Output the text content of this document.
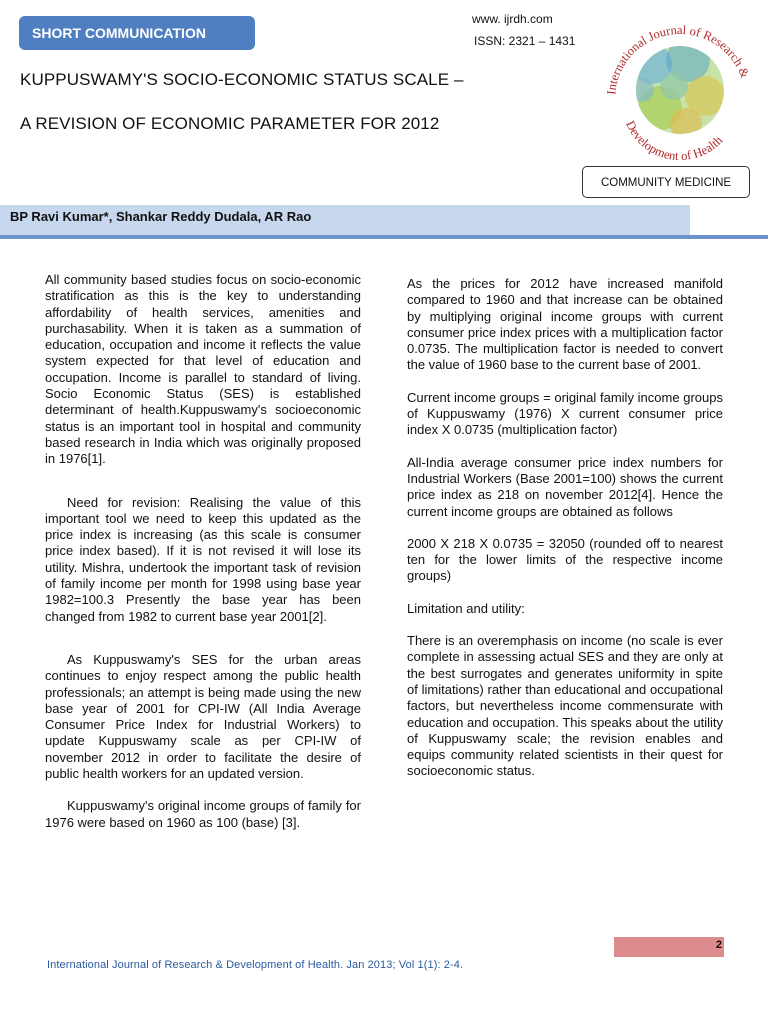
SHORT COMMUNICATION
KUPPUSWAMY'S SOCIO-ECONOMIC STATUS SCALE –
A REVISION OF ECONOMIC PARAMETER FOR 2012
www. ijrdh.com
ISSN: 2321 – 1431
International Journal of Research &
Development of Health
COMMUNITY MEDICINE
BP Ravi Kumar*, Shankar Reddy Dudala, AR Rao

All community based studies focus on socio-economic stratification as this is the key to understanding affordability of health services, amenities and purchasability. When it is taken as a summation of education, occupation and income it reflects the value system expected for that level of education and occupation. Income is parallel to standard of living. Socio Economic Status (SES) is established determinant of health.Kuppuswamy's socioeconomic status is an important tool in hospital and community based research in India which was originally proposed in 1976[1].

Need for revision: Realising the value of this important tool we need to keep this updated as the price index is increasing (as this scale is consumer price index based). If it is not revised it will lose its utility. Mishra, undertook the important task of revision of family income per month for 1998 using base year 1982=100.3 Presently the base year has been changed from 1982 to current base year 2001[2].

As Kuppuswamy's SES for the urban areas continues to enjoy respect among the public health professionals; an attempt is being made using the new base year of 2001 for CPI-IW (All India Average Consumer Price Index for Industrial Workers) to update Kuppuswamy scale as per CPI-IW of november 2012 in order to facilitate the desire of public health workers for an updated version.

Kuppuswamy's original income groups of family for 1976 were based on 1960 as 100 (base) [3].

As the prices for 2012 have increased manifold compared to 1960 and that increase can be obtained by multiplying original income groups with current consumer price index prices with a multiplication factor 0.0735. The multiplication factor is needed to convert the value of 1960 base to the current base of 2001.

Current income groups = original family income groups of Kuppuswamy (1976) X current consumer price index X 0.0735 (multiplication factor)

All-India average consumer price index numbers for Industrial Workers (Base 2001=100) shows the current price index as 218 on november 2012[4]. Hence the current income groups are obtained as follows

2000 X 218 X 0.0735 = 32050 (rounded off to nearest ten for the lower limits of the respective income groups)

Limitation and utility:

There is an overemphasis on income (no scale is ever complete in assessing actual SES and they are only at the best surrogates and generates uniformity in spite of limitations) rather than educational and occupational factors, but nevertheless income commensurate with education and occupation. This speaks about the utility of Kuppuswamy scale; the revision enables and equips community related scientists in their quest for socioeconomic status.

2
International Journal of Research & Development of Health. Jan 2013; Vol 1(1): 2-4.
